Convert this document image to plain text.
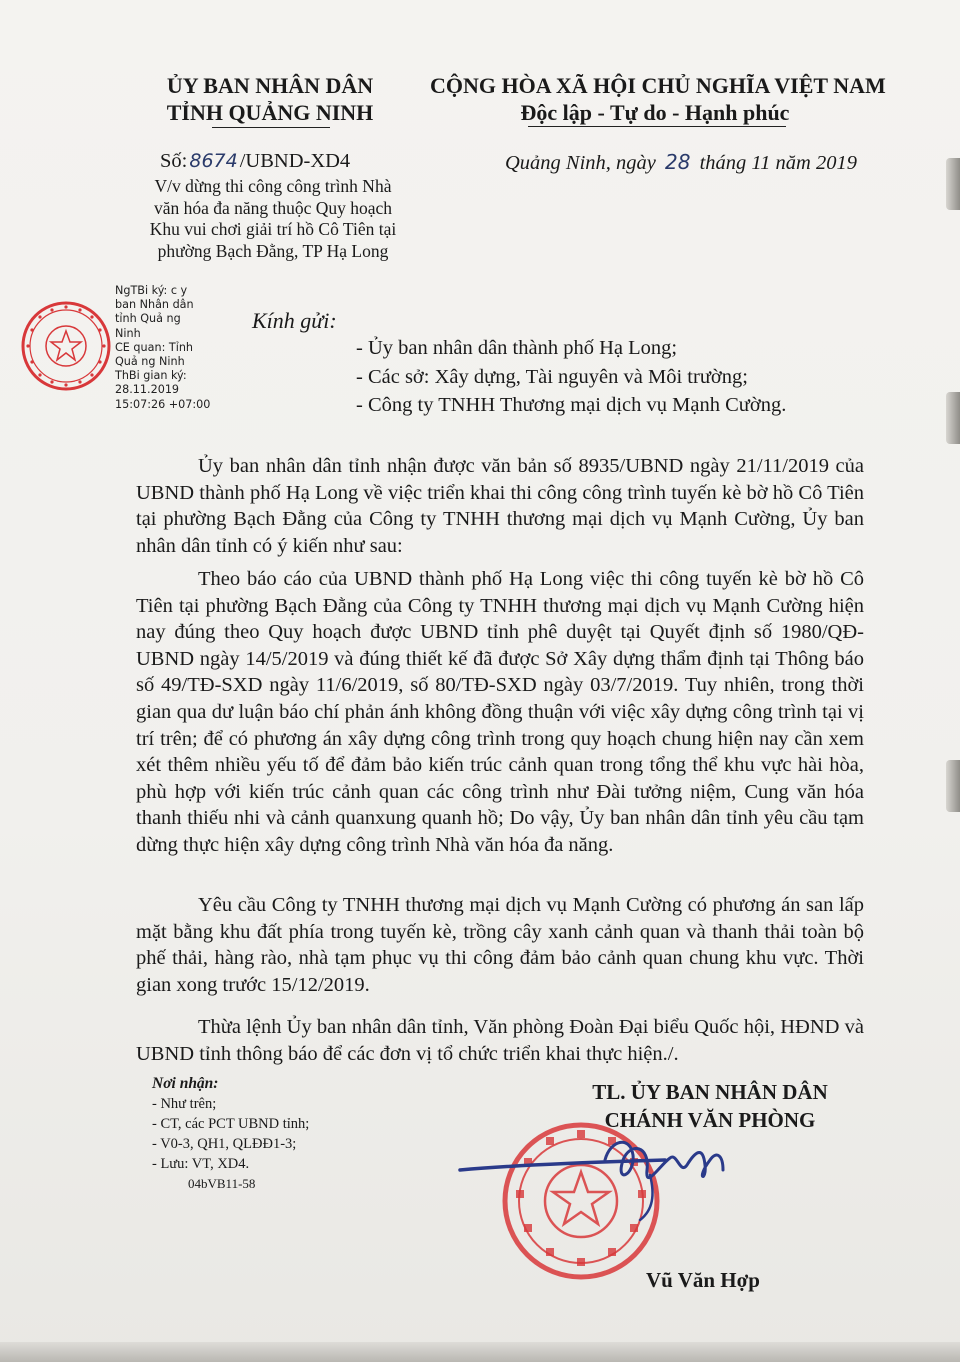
ỦY BAN NHÂN DÂN
TỈNH QUẢNG NINH
CỘNG HÒA XÃ HỘI CHỦ NGHĨA VIỆT NAM
Độc lập - Tự do - Hạnh phúc
Số: 8674/UBND-XD4	Quảng Ninh, ngày 28 tháng 11 năm 2019
V/v dừng thi công công trình Nhà
văn hóa đa năng thuộc Quy hoạch
Khu vui chơi giải trí hồ Cô Tiên tại
phường Bạch Đằng, TP Hạ Long
NgTBi ký: c y
ban Nhân dân
tỉnh Quả ng
Ninh
CE quan: Tỉnh
Quả ng Ninh
ThBi gian ký:
28.11.2019
15:07:26 +07:00
Kính gửi:
- Ủy ban nhân dân thành phố Hạ Long;
- Các sở: Xây dựng, Tài nguyên và Môi trường;
- Công ty TNHH Thương mại dịch vụ Mạnh Cường.
Ủy ban nhân dân tỉnh nhận được văn bản số 8935/UBND ngày 21/11/2019 của UBND thành phố Hạ Long về việc triển khai thi công công trình tuyến kè bờ hồ Cô Tiên tại phường Bạch Đằng của Công ty TNHH thương mại dịch vụ Mạnh Cường, Ủy ban nhân dân tỉnh có ý kiến như sau:
Theo báo cáo của UBND thành phố Hạ Long việc thi công tuyến kè bờ hồ Cô Tiên tại phường Bạch Đằng của Công ty TNHH thương mại dịch vụ Mạnh Cường hiện nay đúng theo Quy hoạch được UBND tỉnh phê duyệt tại Quyết định số 1980/QĐ-UBND ngày 14/5/2019 và đúng thiết kế đã được Sở Xây dựng thẩm định tại Thông báo số 49/TĐ-SXD ngày 11/6/2019, số 80/TĐ-SXD ngày 03/7/2019. Tuy nhiên, trong thời gian qua dư luận báo chí phản ánh không đồng thuận với việc xây dựng công trình tại vị trí trên; để có phương án xây dựng công trình trong quy hoạch chung hiện nay cần xem xét thêm nhiều yếu tố để đảm bảo kiến trúc cảnh quan trong tổng thể khu vực hài hòa, phù hợp với kiến trúc cảnh quan các công trình như Đài tưởng niệm, Cung văn hóa thanh thiếu nhi và cảnh quanxung quanh hồ; Do vậy, Ủy ban nhân dân tỉnh yêu cầu tạm dừng thực hiện xây dựng công trình Nhà văn hóa đa năng.
Yêu cầu Công ty TNHH thương mại dịch vụ Mạnh Cường có phương án san lấp mặt bằng khu đất phía trong tuyến kè, trồng cây xanh cảnh quan và thanh thải toàn bộ phế thải, hàng rào, nhà tạm phục vụ thi công đảm bảo cảnh quan chung khu vực. Thời gian xong trước 15/12/2019.
Thừa lệnh Ủy ban nhân dân tỉnh, Văn phòng Đoàn Đại biểu Quốc hội, HĐND và UBND tỉnh thông báo để các đơn vị tổ chức triển khai thực hiện./.
Nơi nhận:
- Như trên;
- CT, các PCT UBND tỉnh;
- V0-3, QH1, QLĐĐ1-3;
- Lưu: VT, XD4.
04bVB11-58
TL. ỦY BAN NHÂN DÂN
CHÁNH VĂN PHÒNG
Vũ Văn Hợp
